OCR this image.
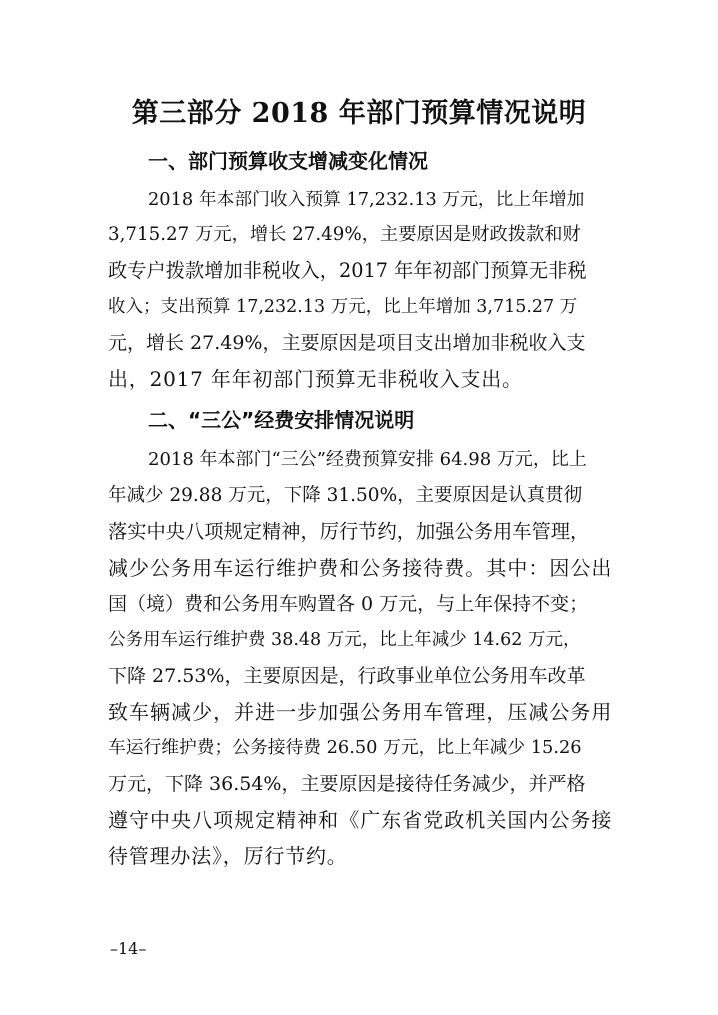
第三部分 2018 年部门预算情况说明
一、部门预算收支增减变化情况
2018 年本部门收入预算 17,232.13 万元，比上年增加
3,715.27 万元，增长 27.49%，主要原因是财政拨款和财
政专户拨款增加非税收入，2017 年年初部门预算无非税
收入；支出预算 17,232.13 万元，比上年增加 3,715.27 万
元，增长 27.49%，主要原因是项目支出增加非税收入支
出，2017 年年初部门预算无非税收入支出。
二、“三公”经费安排情况说明
2018 年本部门“三公”经费预算安排 64.98 万元，比上
年减少 29.88 万元，下降 31.50%，主要原因是认真贯彻
落实中央八项规定精神，厉行节约，加强公务用车管理，
减少公务用车运行维护费和公务接待费。其中：因公出
国（境）费和公务用车购置各 0 万元，与上年保持不变；
公务用车运行维护费 38.48 万元，比上年减少 14.62 万元，
下降 27.53%，主要原因是，行政事业单位公务用车改革
致车辆减少，并进一步加强公务用车管理，压减公务用
车运行维护费；公务接待费 26.50 万元，比上年减少 15.26
万元，下降 36.54%，主要原因是接待任务减少，并严格
遵守中央八项规定精神和《广东省党政机关国内公务接
待管理办法》，厉行节约。
–14–
